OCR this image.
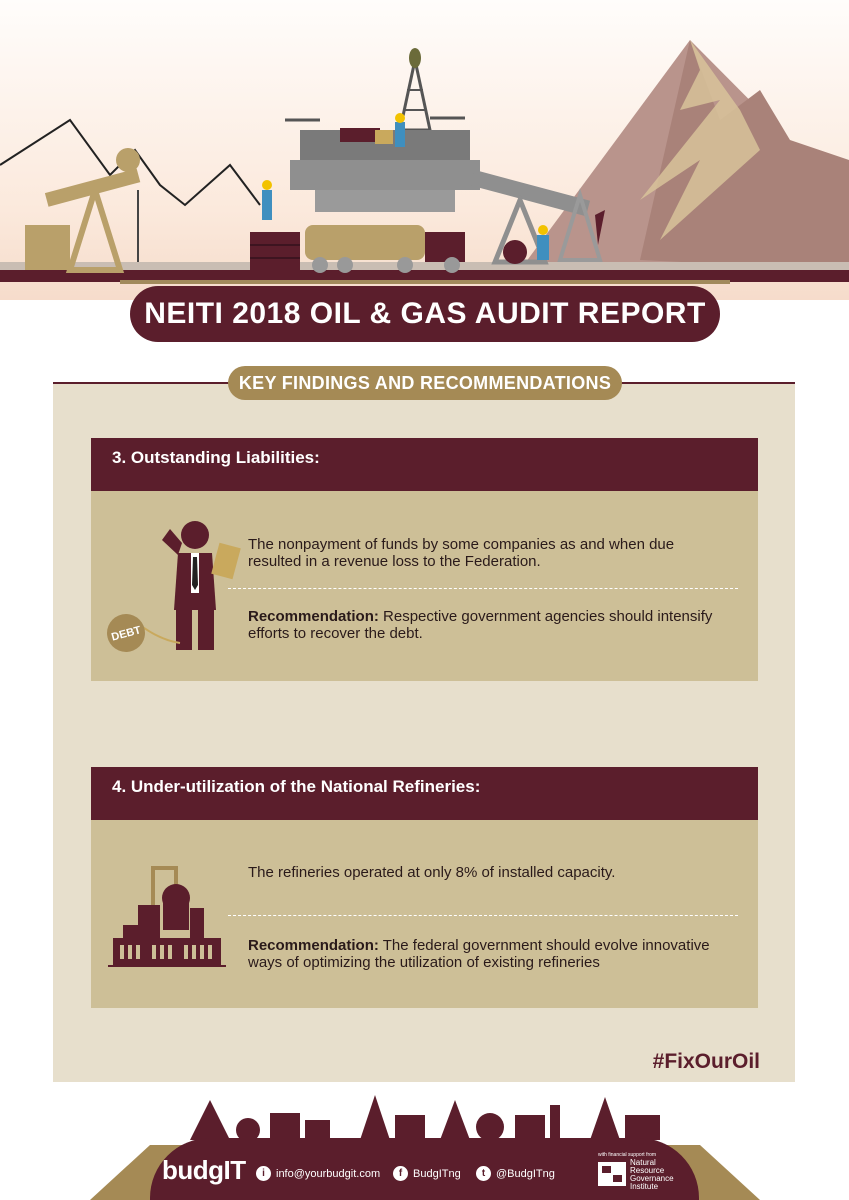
NEITI 2018 OIL & GAS AUDIT REPORT
KEY FINDINGS AND RECOMMENDATIONS
3. Outstanding Liabilities:
DEBT
The nonpayment of funds by some companies as and when due resulted in a revenue loss to the Federation.
Recommendation: Respective government agencies should intensify efforts to recover the debt.
4. Under-utilization of the National Refineries:
The refineries operated at only 8% of installed capacity.
Recommendation: The federal government should evolve innovative ways of optimizing the utilization of existing refineries
#FixOurOil
budgIT	i	info@yourbudgit.com	f BudgITng	t @BudgITng
with financial support from
Natural
Resource
Governance
Institute
